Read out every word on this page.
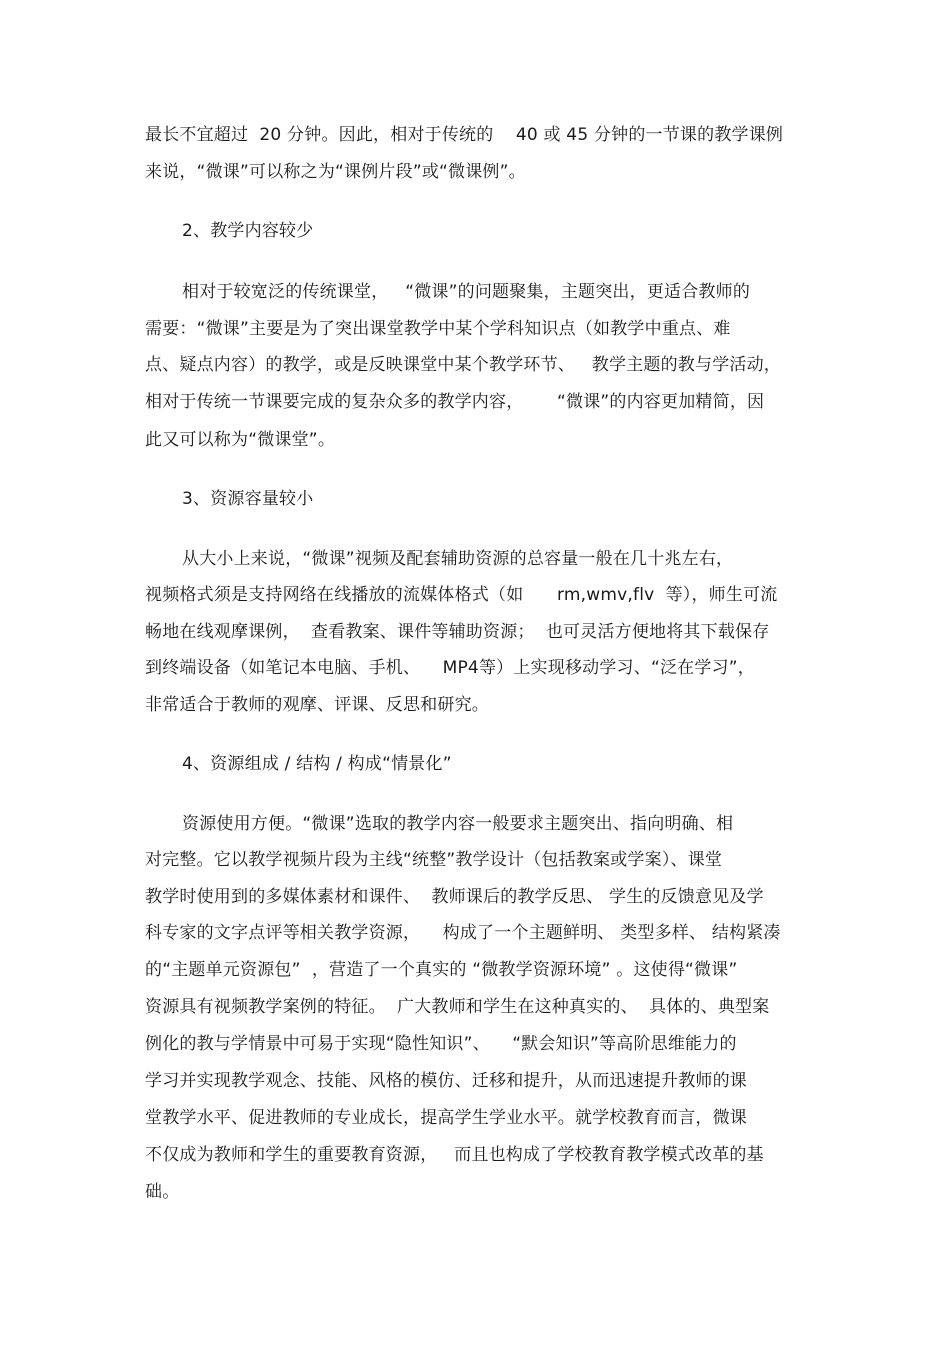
最长不宜超过  20 分钟。因此，相对于传统的    40 或 45 分钟的一节课的教学课例
来说，“微课”可以称之为“课例片段”或“微课例”。
2、教学内容较少
相对于较宽泛的传统课堂，   “微课”的问题聚集，主题突出，更适合教师的
需要：“微课”主要是为了突出课堂教学中某个学科知识点（如教学中重点、难
点、疑点内容）的教学，或是反映课堂中某个教学环节、   教学主题的教与学活动，
相对于传统一节课要完成的复杂众多的教学内容，      “微课”的内容更加精简，因
此又可以称为“微课堂”。
3、资源容量较小
从大小上来说，“微课”视频及配套辅助资源的总容量一般在几十兆左右，
视频格式须是支持网络在线播放的流媒体格式（如      rm,wmv,flv  等），师生可流
畅地在线观摩课例，  查看教案、课件等辅助资源；  也可灵活方便地将其下载保存
到终端设备（如笔记本电脑、手机、    MP4等）上实现移动学习、“泛在学习”，
非常适合于教师的观摩、评课、反思和研究。
4、资源组成 / 结构 / 构成“情景化”
资源使用方便。“微课”选取的教学内容一般要求主题突出、指向明确、相
对完整。它以教学视频片段为主线“统整”教学设计（包括教案或学案）、课堂
教学时使用到的多媒体素材和课件、  教师课后的教学反思、 学生的反馈意见及学
科专家的文字点评等相关教学资源，    构成了一个主题鲜明、 类型多样、 结构紧凑
的“主题单元资源包”  ，营造了一个真实的 “微教学资源环境” 。这使得“微课”
资源具有视频教学案例的特征。  广大教师和学生在这种真实的、  具体的、典型案
例化的教与学情景中可易于实现“隐性知识”、    “默会知识”等高阶思维能力的
学习并实现教学观念、技能、风格的模仿、迁移和提升，从而迅速提升教师的课
堂教学水平、促进教师的专业成长，提高学生学业水平。就学校教育而言，微课
不仅成为教师和学生的重要教育资源，   而且也构成了学校教育教学模式改革的基
础。
